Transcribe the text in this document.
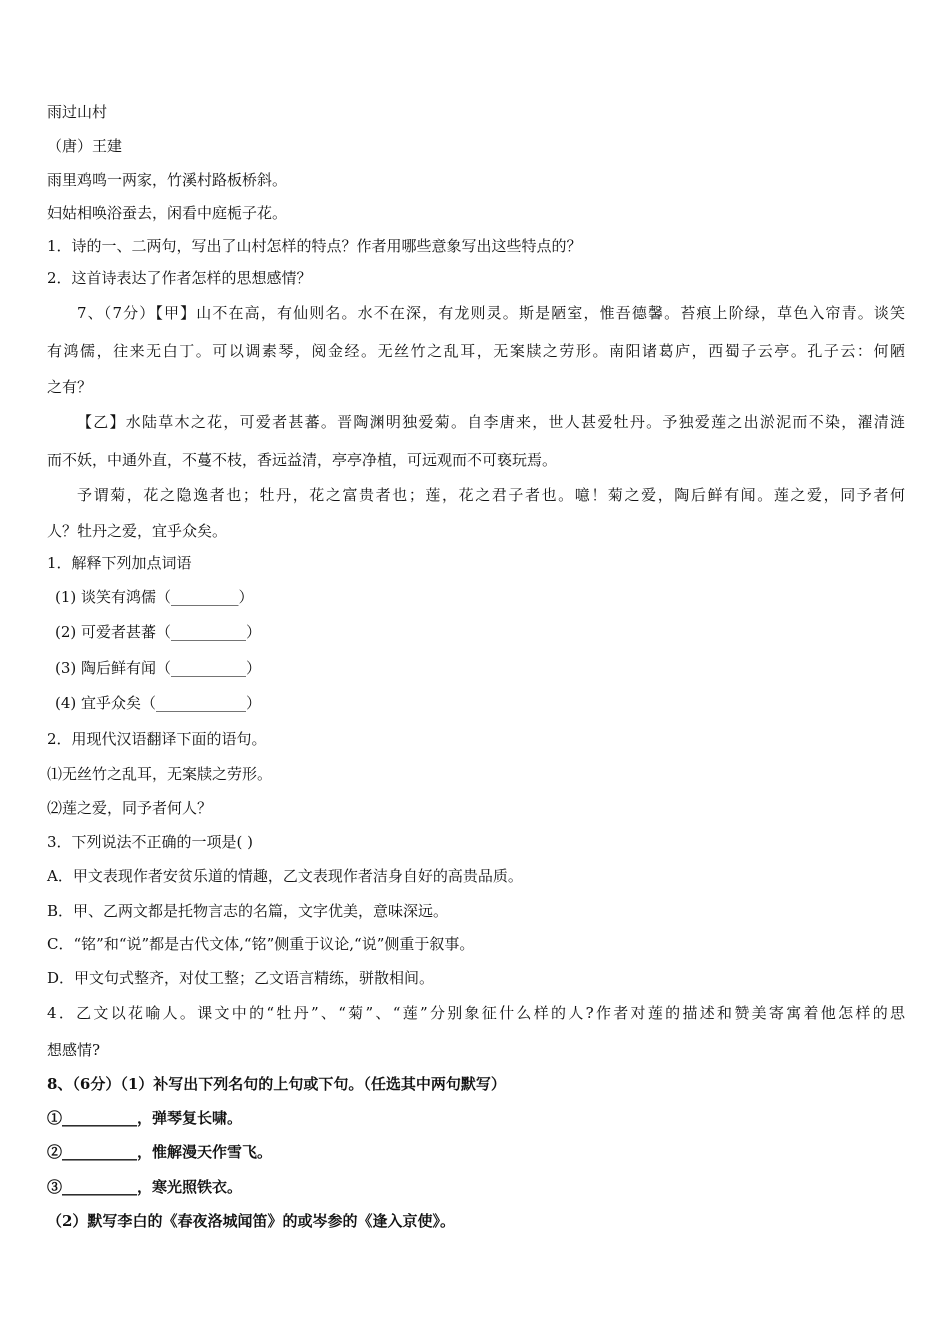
雨过山村
（唐）王建
雨里鸡鸣一两家，竹溪村路板桥斜。
妇姑相唤浴蚕去，闲看中庭栀子花。
1．诗的一、二两句，写出了山村怎样的特点？作者用哪些意象写出这些特点的？
2．这首诗表达了作者怎样的思想感情？
7、（7分）【甲】山不在高，有仙则名。水不在深，有龙则灵。斯是陋室，惟吾德馨。苔痕上阶绿，草色入帘青。谈笑
有鸿儒，往来无白丁。可以调素琴，阅金经。无丝竹之乱耳，无案牍之劳形。南阳诸葛庐，西蜀子云亭。孔子云：何陋
之有？
【乙】水陆草木之花，可爱者甚蕃。晋陶渊明独爱菊。自李唐来，世人甚爱牡丹。予独爱莲之出淤泥而不染，濯清涟
而不妖，中通外直，不蔓不枝，香远益清，亭亭净植，可远观而不可亵玩焉。
予谓菊，花之隐逸者也；牡丹，花之富贵者也；莲，花之君子者也。噫！菊之爱，陶后鲜有闻。莲之爱，同予者何
人？牡丹之爱，宜乎众矣。
1．解释下列加点词语
(1) 谈笑有鸿儒（_________）
(2) 可爱者甚蕃（__________）
(3) 陶后鲜有闻（__________）
(4) 宜乎众矣（____________）
2．用现代汉语翻译下面的语句。
⑴无丝竹之乱耳，无案牍之劳形。
⑵莲之爱，同予者何人？
3．下列说法不正确的一项是( )
A．甲文表现作者安贫乐道的情趣，乙文表现作者洁身自好的高贵品质。
B．甲、乙两文都是托物言志的名篇，文字优美，意味深远。
C．“铭”和“说”都是古代文体,“铭”侧重于议论,“说”侧重于叙事。
D．甲文句式整齐，对仗工整；乙文语言精练，骈散相间。
4．乙文以花喻人。课文中的“牡丹”、“菊”、“莲”分别象征什么样的人?作者对莲的描述和赞美寄寓着他怎样的思
想感情?
8、（6分）（1）补写出下列名句的上句或下句。（任选其中两句默写）
①__________，弹琴复长啸。
②__________，惟解漫天作雪飞。
③__________，寒光照铁衣。
（2）默写李白的《春夜洛城闻笛》的或岑参的《逢入京使》。
